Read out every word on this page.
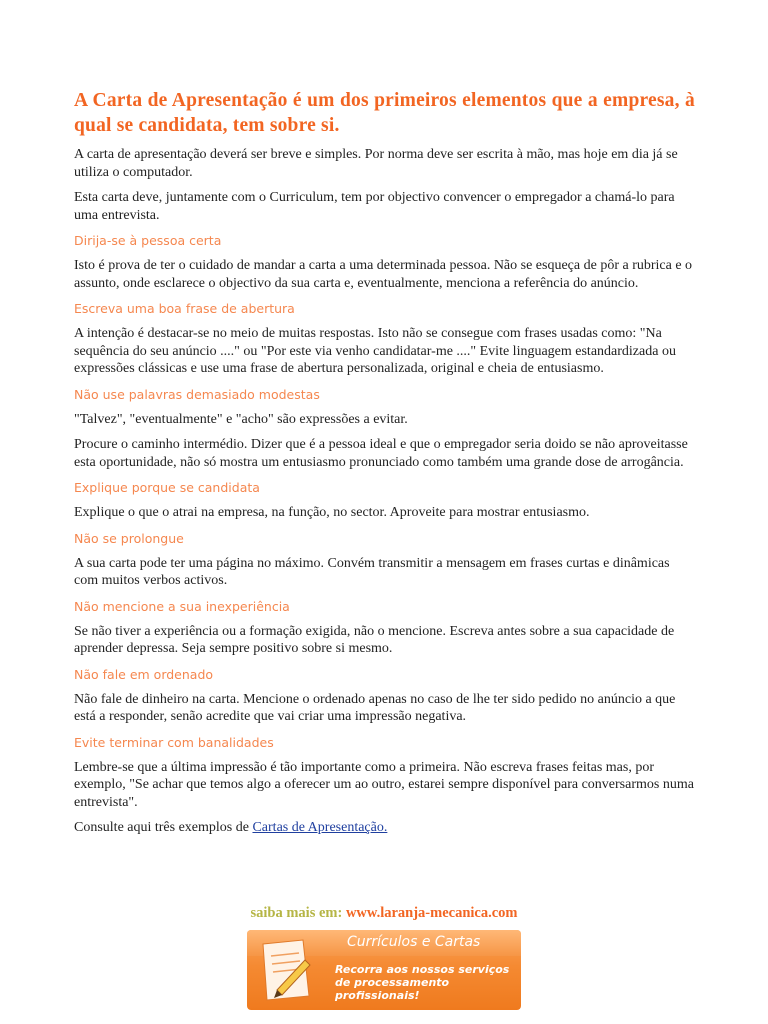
A Carta de Apresentação é um dos primeiros elementos que a empresa, à qual se candidata, tem sobre si.

A carta de apresentação deverá ser breve e simples. Por norma deve ser escrita à mão, mas hoje em dia já se utiliza o computador.

Esta carta deve, juntamente com o Curriculum, tem por objectivo convencer o empregador a chamá-lo para uma entrevista.

Dirija-se à pessoa certa

Isto é prova de ter o cuidado de mandar a carta a uma determinada pessoa. Não se esqueça de pôr a rubrica e o assunto, onde esclarece o objectivo da sua carta e, eventualmente, menciona a referência do anúncio.

Escreva uma boa frase de abertura

A intenção é destacar-se no meio de muitas respostas. Isto não se consegue com frases usadas como: "Na sequência do seu anúncio ...." ou "Por este via venho candidatar-me ...." Evite linguagem estandardizada ou expressões clássicas e use uma frase de abertura personalizada, original e cheia de entusiasmo.

Não use palavras demasiado modestas

"Talvez", "eventualmente" e "acho" são expressões a evitar.

Procure o caminho intermédio. Dizer que é a pessoa ideal e que o empregador seria doido se não aproveitasse esta oportunidade, não só mostra um entusiasmo pronunciado como também uma grande dose de arrogância.

Explique porque se candidata

Explique o que o atrai na empresa, na função, no sector. Aproveite para mostrar entusiasmo.

Não se prolongue

A sua carta pode ter uma página no máximo. Convém transmitir a mensagem em frases curtas e dinâmicas com muitos verbos activos.

Não mencione a sua inexperiência

Se não tiver a experiência ou a formação exigida, não o mencione. Escreva antes sobre a sua capacidade de aprender depressa. Seja sempre positivo sobre si mesmo.

Não fale em ordenado

Não fale de dinheiro na carta. Mencione o ordenado apenas no caso de lhe ter sido pedido no anúncio a que está a responder, senão acredite que vai criar uma impressão negativa.

Evite terminar com banalidades

Lembre-se que a última impressão é tão importante como a primeira. Não escreva frases feitas mas, por exemplo, "Se achar que temos algo a oferecer um ao outro, estarei sempre disponível para conversarmos numa entrevista".

Consulte aqui três exemplos de Cartas de Apresentação.

saiba mais em: www.laranja-mecanica.com
Currículos e Cartas
Recorra aos nossos serviços de processamento profissionais!
